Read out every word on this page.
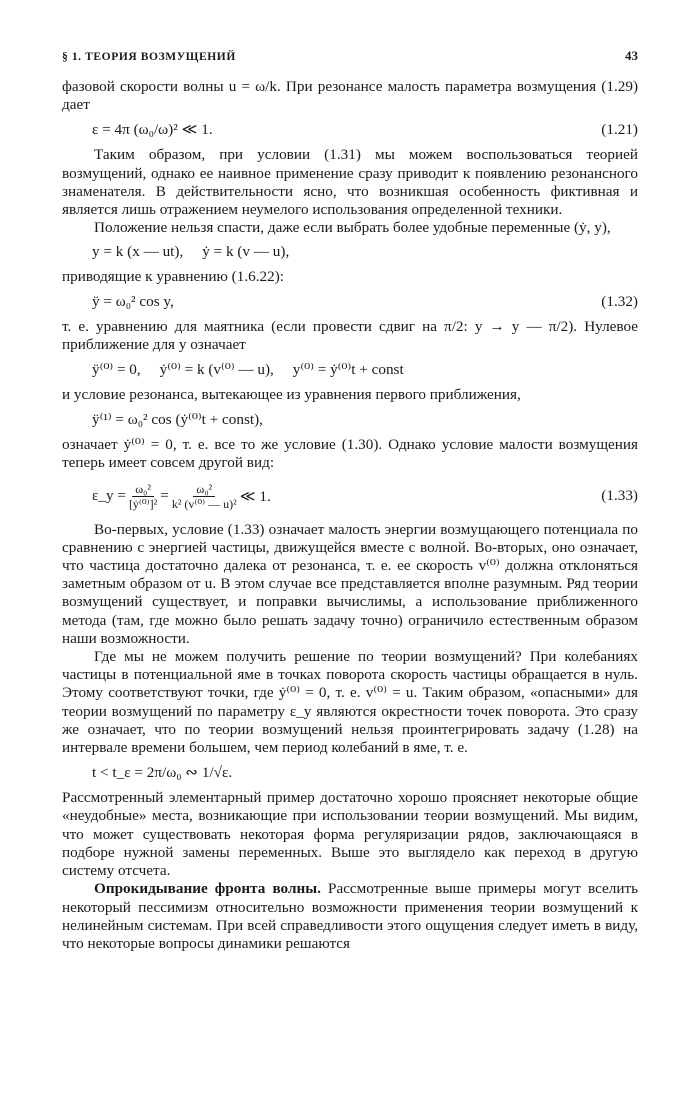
§ 1. ТЕОРИЯ ВОЗМУЩЕНИЙ	43

фазовой скорости волны u = ω/k. При резонансе малость параметра возмущения (1.29) дает

ε = 4π (ω₀/ω)² ≪ 1.	(1.21)

Таким образом, при условии (1.31) мы можем воспользоваться теорией возмущений, однако ее наивное применение сразу приводит к появлению резонансного знаменателя. В действительности ясно, что возникшая особенность фиктивная и является лишь отражением неумелого использования определенной техники.

Положение нельзя спасти, даже если выбрать более удобные переменные (ẏ, y),

y = k (x — ut),     ẏ = k (v — u),

приводящие к уравнению (1.6.22):

ÿ = ω₀² cos y,	(1.32)

т. е. уравнению для маятника (если провести сдвиг на π/2: y → y — π/2). Нулевое приближение для y означает

ÿ⁽⁰⁾ = 0,     ẏ⁽⁰⁾ = k (v⁽⁰⁾ — u),     y⁽⁰⁾ = ẏ⁽⁰⁾t + const

и условие резонанса, вытекающее из уравнения первого приближения,

ÿ⁽¹⁾ = ω₀² cos (ẏ⁽⁰⁾t + const),

означает ẏ⁽⁰⁾ = 0, т. е. все то же условие (1.30). Однако условие малости возмущения теперь имеет совсем другой вид:

ε_y = $\frac{\text{ω₀²}}{\text{[ẏ⁽⁰⁾]²}} = \frac{\text{ω₀²}}{\text{k² (v⁽⁰⁾ — u)²}}$ ≪ 1.	(1.33)

Во-первых, условие (1.33) означает малость энергии возмущающего потенциала по сравнению с энергией частицы, движущейся вместе с волной. Во-вторых, оно означает, что частица достаточно далека от резонанса, т. е. ее скорость v⁽⁰⁾ должна отклоняться заметным образом от u. В этом случае все представляется вполне разумным. Ряд теории возмущений существует, и поправки вычислимы, а использование приближенного метода (там, где можно было решать задачу точно) ограничило естественным образом наши возможности.

Где мы не можем получить решение по теории возмущений? При колебаниях частицы в потенциальной яме в точках поворота скорость частицы обращается в нуль. Этому соответствуют точки, где ẏ⁽⁰⁾ = 0, т. е. v⁽⁰⁾ = u. Таким образом, «опасными» для теории возмущений по параметру ε_y являются окрестности точек поворота. Это сразу же означает, что по теории возмущений нельзя проинтегрировать задачу (1.28) на интервале времени большем, чем период колебаний в яме, т. е.

t < t_ε = 2π/ω₀ ∾ 1/√ε.

Рассмотренный элементарный пример достаточно хорошо проясняет некоторые общие «неудобные» места, возникающие при использовании теории возмущений. Мы видим, что может существовать некоторая форма регуляризации рядов, заключающаяся в подборе нужной замены переменных. Выше это выглядело как переход в другую систему отсчета.

Опрокидывание фронта волны. Рассмотренные выше примеры могут вселить некоторый пессимизм относительно возможности применения теории возмущений к нелинейным системам. При всей справедливости этого ощущения следует иметь в виду, что некоторые вопросы динамики решаются
